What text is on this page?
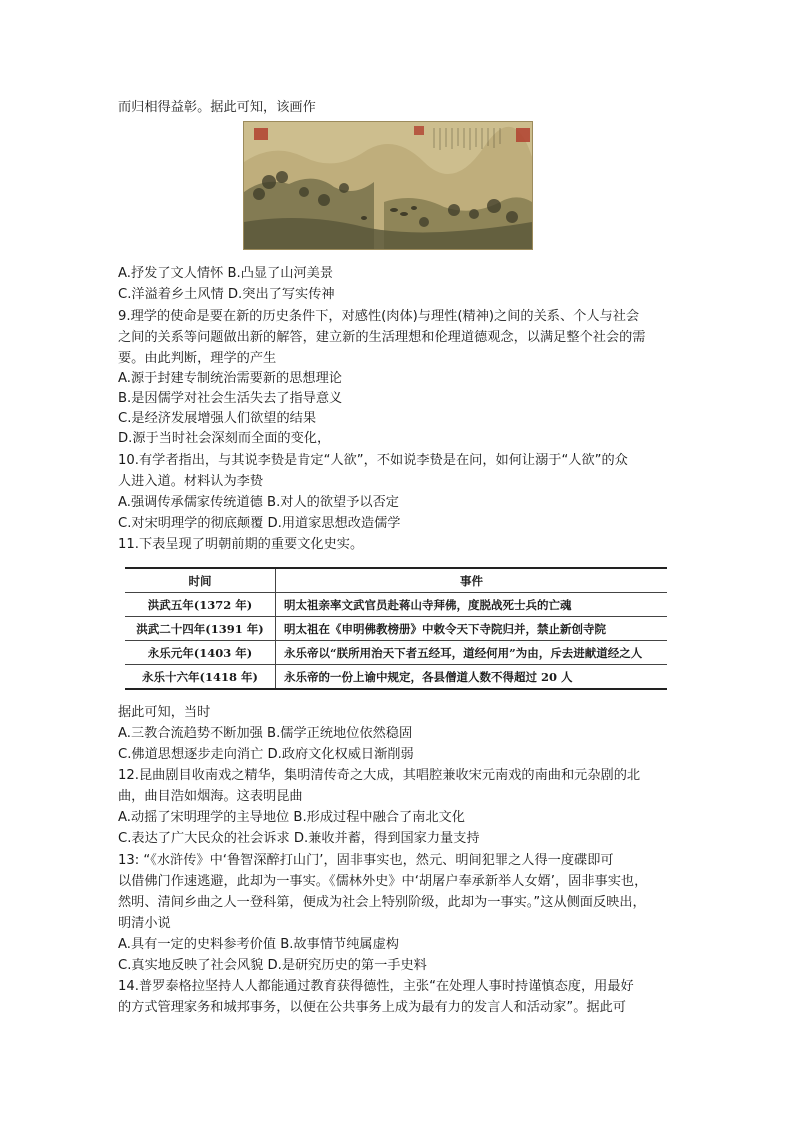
而归相得益彰。据此可知，该画作
A.抒发了文人情怀 B.凸显了山河美景
C.洋溢着乡土风情 D.突出了写实传神
9.理学的使命是要在新的历史条件下，对感性(肉体)与理性(精神)之间的关系、个人与社会
之间的关系等问题做出新的解答，建立新的生活理想和伦理道德观念，以满足整个社会的需
要。由此判断，理学的产生
A.源于封建专制统治需要新的思想理论
B.是因儒学对社会生活失去了指导意义
C.是经济发展增强人们欲望的结果
D.源于当时社会深刻而全面的变化，
10.有学者指出，与其说李贽是肯定“人欲”，不如说李贽是在问，如何让溺于“人欲”的众
人进入道。材料认为李贽
A.强调传承儒家传统道德 B.对人的欲望予以否定
C.对宋明理学的彻底颠覆 D.用道家思想改造儒学
11.下表呈现了明朝前期的重要文化史实。
时间	事件
洪武五年(1372 年)	明太祖亲率文武官员赴蒋山寺拜佛，度脱战死士兵的亡魂
洪武二十四年(1391 年)	明太祖在《申明佛教榜册》中敕令天下寺院归并，禁止新创寺院
永乐元年(1403 年)	永乐帝以“朕所用治天下者五经耳，道经何用”为由，斥去进献道经之人
永乐十六年(1418 年)	永乐帝的一份上谕中规定，各县僧道人数不得超过 20 人
据此可知，当时
A.三教合流趋势不断加强 B.儒学正统地位依然稳固
C.佛道思想逐步走向消亡 D.政府文化权威日渐削弱
12.昆曲剧目收南戏之精华，集明清传奇之大成，其唱腔兼收宋元南戏的南曲和元杂剧的北
曲，曲目浩如烟海。这表明昆曲
A.动摇了宋明理学的主导地位 B.形成过程中融合了南北文化
C.表达了广大民众的社会诉求 D.兼收并蓄，得到国家力量支持
13: “《水浒传》中‘鲁智深醉打山门’，固非事实也，然元、明间犯罪之人得一度碟即可
以借佛门作速逃避，此却为一事实。《儒林外史》中‘胡屠户奉承新举人女婿’，固非事实也，
然明、清间乡曲之人一登科第，便成为社会上特别阶级，此却为一事实。”这从侧面反映出，
明清小说
A.具有一定的史料参考价值 B.故事情节纯属虚构
C.真实地反映了社会风貌 D.是研究历史的第一手史料
14.普罗泰格拉坚持人人都能通过教育获得德性，主张“在处理人事时持谨慎态度，用最好
的方式管理家务和城邦事务，以便在公共事务上成为最有力的发言人和活动家”。据此可
